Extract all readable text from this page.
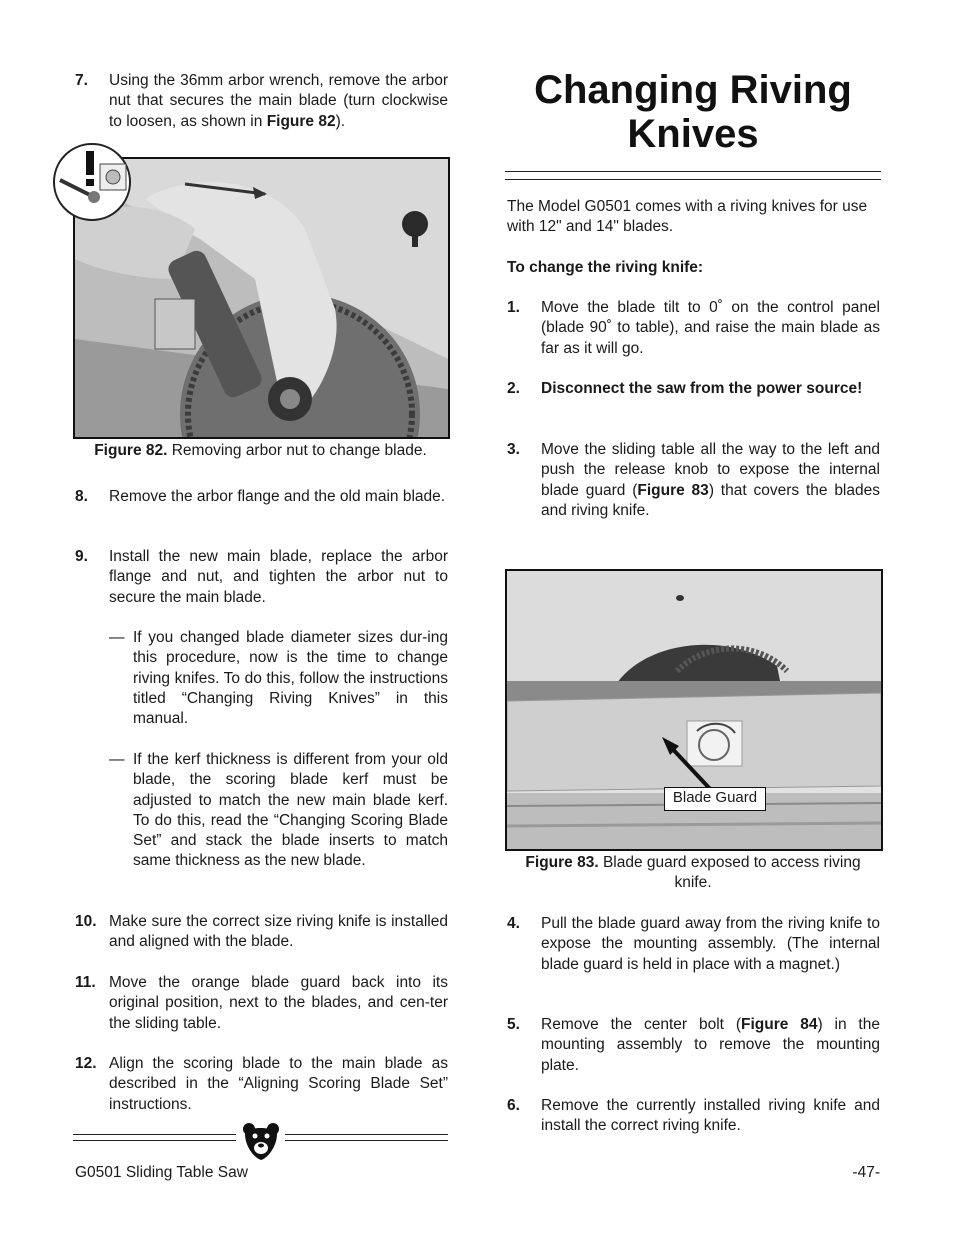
7.	Using the 36mm arbor wrench, remove the arbor nut that secures the main blade (turn clockwise to loosen, as shown in Figure 82).
Figure 82. Removing arbor nut to change blade.
8.	Remove the arbor flange and the old main blade.
9.	Install the new main blade, replace the arbor flange and nut, and tighten the arbor nut to secure the main blade.
— If you changed blade diameter sizes dur-ing this procedure, now is the time to change riving knifes. To do this, follow the instructions titled “Changing Riving Knives” in this manual.
— If the kerf thickness is different from your old blade, the scoring blade kerf must be adjusted to match the new main blade kerf. To do this, read the “Changing Scoring Blade Set” and stack the blade inserts to match same thickness as the new blade.
10. Make sure the correct size riving knife is installed and aligned with the blade.
11. Move the orange blade guard back into its original position, next to the blades, and cen-ter the sliding table.
12. Align the scoring blade to the main blade as described in the “Aligning Scoring Blade Set” instructions.
G0501 Sliding Table Saw
Changing Riving Knives
The Model G0501 comes with a riving knives for use with 12" and 14" blades.
To change the riving knife:
1.	Move the blade tilt to 0˚ on the control panel (blade 90˚ to table), and raise the main blade as far as it will go.
2.	Disconnect the saw from the power source!
3.	Move the sliding table all the way to the left and push the release knob to expose the internal blade guard (Figure 83) that covers the blades and riving knife.
Blade Guard
Figure 83. Blade guard exposed to access riving knife.
4.	Pull the blade guard away from the riving knife to expose the mounting assembly. (The internal blade guard is held in place with a magnet.)
5.	Remove the center bolt (Figure 84) in the mounting assembly to remove the mounting plate.
6.	Remove the currently installed riving knife and install the correct riving knife.
-47-
